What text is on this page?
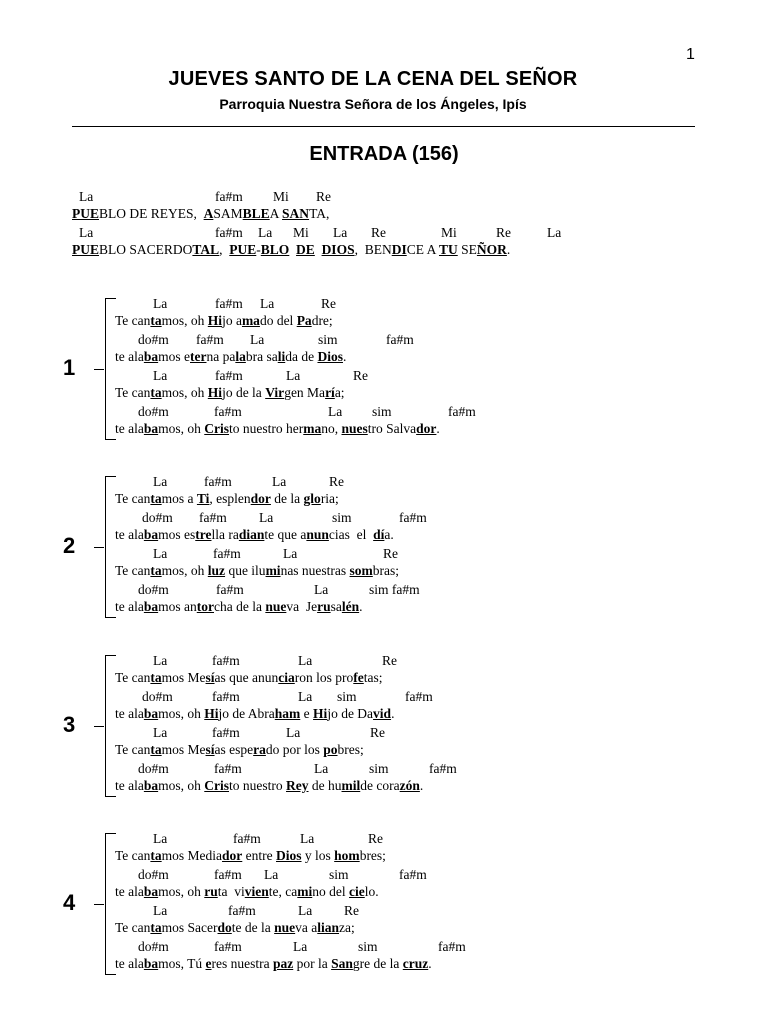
1
JUEVES SANTO DE LA CENA DEL SEÑOR
Parroquia Nuestra Señora de los Ángeles, Ipís
ENTRADA (156)
La	fa#m Mi Re
PUEBLO DE REYES,  ASAMBLEA SANTA,
La	fa#m La Mi La Re	Mi	Re	La
PUEBLO SACERDOTAL,  PUE-BLO DE DIOS,  BENDICE A TU SEÑOR.
La	fa#m La	Re
Te cantamos, oh Hijo amado del Padre;
do#m fa#m La	sim	fa#m
te alabamos eterna palabra salida de Dios.
La	fa#m	La	Re
Te cantamos, oh Hijo de la Virgen María;
do#m	fa#m	La sim	fa#m
te alabamos, oh Cristo nuestro hermano, nuestro Salvador.
1
La	fa#m	La	Re
Te cantamos a Ti, esplendor de la gloria;
do#m fa#m La	sim	fa#m
te alabamos estrella radiante que anuncias  el  día.
La	fa#m	La	Re
Te cantamos, oh luz que iluminas nuestras sombras;
do#m	fa#m	La	sim fa#m
te alabamos antorcha de la nueva  Jerusalén.
2
La	fa#m	La	Re
Te cantamos Mesías que anunciaron los profetas;
do#m	fa#m	La sim	fa#m
te alabamos, oh Hijo de Abraham e Hijo de David.
La	fa#m	La	Re
Te cantamos Mesías esperado por los pobres;
do#m	fa#m	La	sim	fa#m
te alabamos, oh Cristo nuestro Rey de humilde corazón.
3
La	fa#m	La	Re
Te cantamos Mediador entre Dios y los hombres;
do#m	fa#m La	sim	fa#m
te alabamos, oh ruta  viviente, camino del cielo.
La	fa#m	La Re
Te cantamos Sacerdote de la nueva alianza;
do#m	fa#m	La	sim	fa#m
te alabamos, Tú eres nuestra paz por la Sangre de la cruz.
4
